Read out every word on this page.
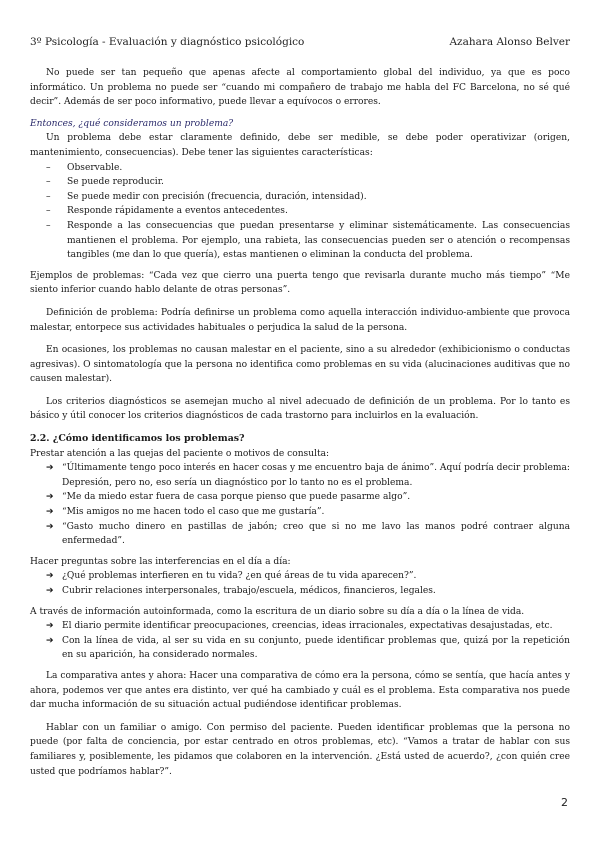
3º Psicología - Evaluación y diagnóstico psicológico	Azahara Alonso Belver

No puede ser tan pequeño que apenas afecte al comportamiento global del individuo, ya que es poco informático. Un problema no puede ser “cuando mi compañero de trabajo me habla del FC Barcelona, no sé qué decir”. Además de ser poco informativo, puede llevar a equívocos o errores.

Entonces, ¿qué consideramos un problema?

Un problema debe estar claramente definido, debe ser medible, se debe poder operativizar (origen, mantenimiento, consecuencias). Debe tener las siguientes características:

– Observable.
– Se puede reproducir.
– Se puede medir con precisión (frecuencia, duración, intensidad).
– Responde rápidamente a eventos antecedentes.
– Responde a las consecuencias que puedan presentarse y eliminar sistemáticamente. Las consecuencias mantienen el problema. Por ejemplo, una rabieta, las consecuencias pueden ser o atención o recompensas tangibles (me dan lo que quería), estas mantienen o eliminan la conducta del problema.

Ejemplos de problemas: “Cada vez que cierro una puerta tengo que revisarla durante mucho más tiempo” “Me siento inferior cuando hablo delante de otras personas”.

Definición de problema: Podría definirse un problema como aquella interacción individuo-ambiente que provoca malestar, entorpece sus actividades habituales o perjudica la salud de la persona.

En ocasiones, los problemas no causan malestar en el paciente, sino a su alrededor (exhibicionismo o conductas agresivas). O sintomatología que la persona no identifica como problemas en su vida (alucinaciones auditivas que no causen malestar).

Los criterios diagnósticos se asemejan mucho al nivel adecuado de definición de un problema. Por lo tanto es básico y útil conocer los criterios diagnósticos de cada trastorno para incluirlos en la evaluación.

2.2. ¿Cómo identificamos los problemas?

Prestar atención a las quejas del paciente o motivos de consulta:

➔ “Últimamente tengo poco interés en hacer cosas y me encuentro baja de ánimo”. Aquí podría decir problema: Depresión, pero no, eso sería un diagnóstico por lo tanto no es el problema.
➔ “Me da miedo estar fuera de casa porque pienso que puede pasarme algo”.
➔ “Mis amigos no me hacen todo el caso que me gustaría”.
➔ “Gasto mucho dinero en pastillas de jabón; creo que si no me lavo las manos podré contraer alguna enfermedad”.

Hacer preguntas sobre las interferencias en el día a día:

➔ ¿Qué problemas interfieren en tu vida? ¿en qué áreas de tu vida aparecen?”.
➔ Cubrir relaciones interpersonales, trabajo/escuela, médicos, financieros, legales.

A través de información autoinformada, como la escritura de un diario sobre su día a día o la línea de vida.

➔ El diario permite identificar preocupaciones, creencias, ideas irracionales, expectativas desajustadas, etc.
➔ Con la línea de vida, al ser su vida en su conjunto, puede identificar problemas que, quizá por la repetición en su aparición, ha considerado normales.

La comparativa antes y ahora: Hacer una comparativa de cómo era la persona, cómo se sentía, que hacía antes y ahora, podemos ver que antes era distinto, ver qué ha cambiado y cuál es el problema. Esta comparativa nos puede dar mucha información de su situación actual pudiéndose identificar problemas.

Hablar con un familiar o amigo. Con permiso del paciente. Pueden identificar problemas que la persona no puede (por falta de conciencia, por estar centrado en otros problemas, etc). “Vamos a tratar de hablar con sus familiares y, posiblemente, les pidamos que colaboren en la intervención. ¿Está usted de acuerdo?, ¿con quién cree usted que podríamos hablar?”.

2
